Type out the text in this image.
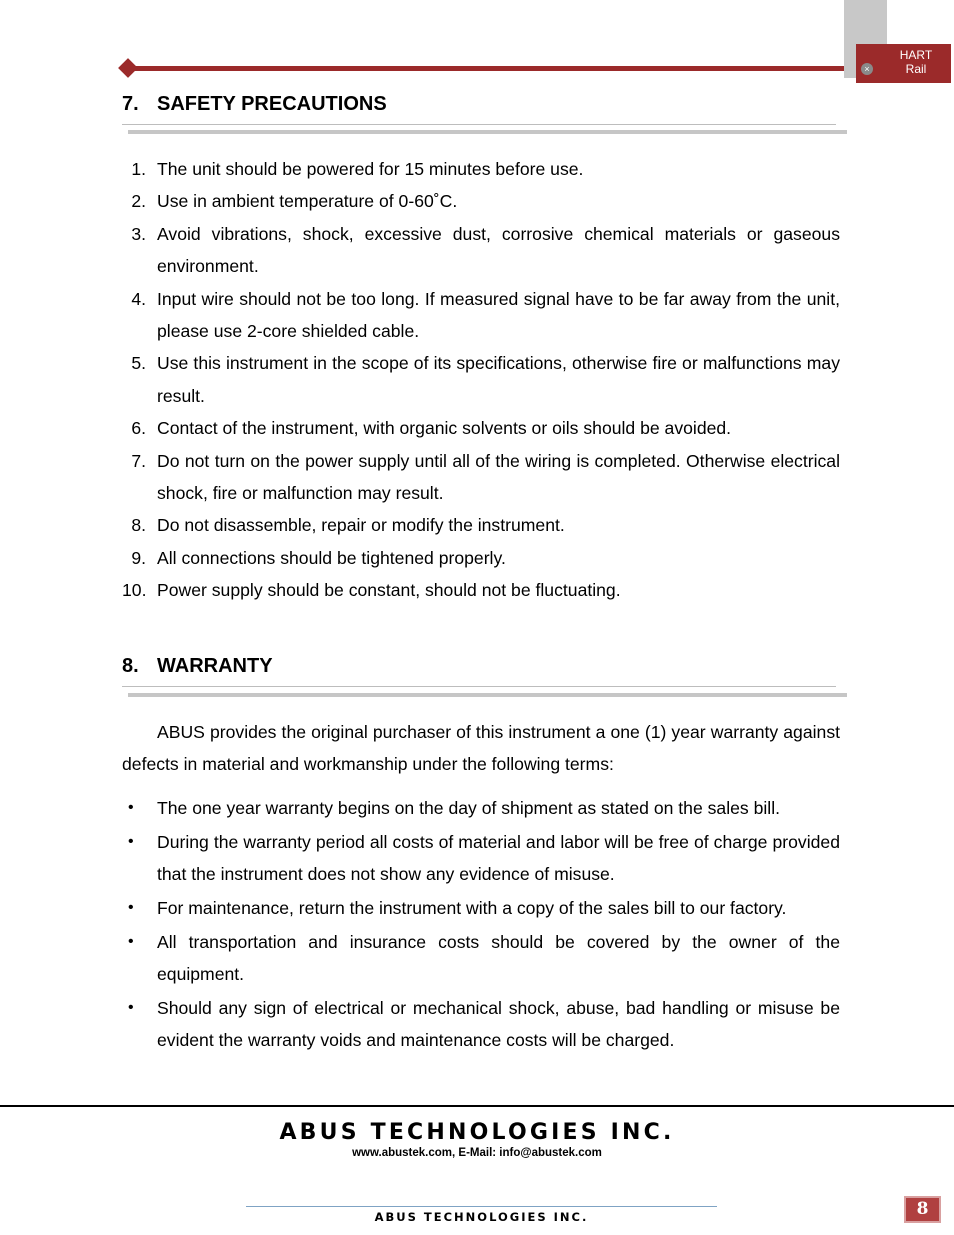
HART
Rail
×
7. SAFETY PRECAUTIONS
1. The unit should be powered for 15 minutes before use.
2. Use in ambient temperature of 0-60˚C.
3. Avoid vibrations, shock, excessive dust, corrosive chemical materials or gaseous environment.
4. Input wire should not be too long. If measured signal have to be far away from the unit, please use 2-core shielded cable.
5. Use this instrument in the scope of its specifications, otherwise fire or malfunctions may result.
6. Contact of the instrument, with organic solvents or oils should be avoided.
7. Do not turn on the power supply until all of the wiring is completed. Otherwise electrical shock, fire or malfunction may result.
8. Do not disassemble, repair or modify the instrument.
9. All connections should be tightened properly.
10. Power supply should be constant, should not be fluctuating.
8. WARRANTY

ABUS provides the original purchaser of this instrument a one (1) year warranty against defects in material and workmanship under the following terms:

• The one year warranty begins on the day of shipment as stated on the sales bill.
• During the warranty period all costs of material and labor will be free of charge provided that the instrument does not show any evidence of misuse.
• For maintenance, return the instrument with a copy of the sales bill to our factory.
• All transportation and insurance costs should be covered by the owner of the equipment.
• Should any sign of electrical or mechanical shock, abuse, bad handling or misuse be evident the warranty voids and maintenance costs will be charged.
ABUS TECHNOLOGIES INC.
www.abustek.com, E-Mail: info@abustek.com
ABUS TECHNOLOGIES INC.	8
